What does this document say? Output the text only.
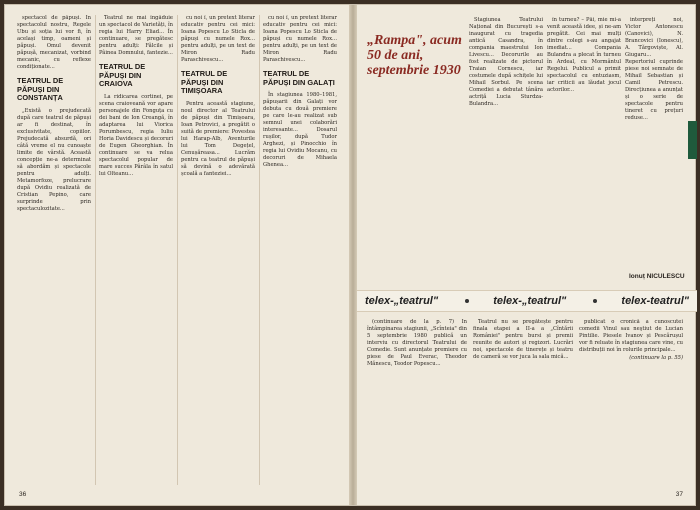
spectacol de păpuși. În spectacolul nostru, Regele Ubu și soția lui vor fi, în același timp, oameni și păpuși. Omul devenit păpușă, mecanizat, vorbind mecanic, cu reflexe condiționate...

TEATRUL DE PĂPUȘI DIN CONSTANȚA

„Există o prejudecată după care teatrul de păpuși ar fi destinat, în exclusivitate, copiilor. Prejudecată absurdă, ori câtă vreme el nu cunoaște limite de vârstă. Această concepție ne-a determinat să abordăm și spectacole pentru adulți. Metamorfoze, prelucrare după Ovidiu realizată de Cristian Pepino, care surprinde prin spectaculozitate...

Teatrul ne mai îngăduie un spectacol de Varietăți, în regia lui Harry Eliad... În continuare, se pregătesc pentru adulți: Fălcile și Pâinea Domnului, fantezie...

TEATRUL DE PĂPUȘI DIN CRAIOVA

La ridicarea cortinei, pe scena craioveană vor apare personajele din Fonguța cu dei bani de Ion Creangă, în adaptarea lui Viorica Porumbescu, regia Iuliu Horia Davidescu și decoruri de Eugen Gheorghian. În continuare se va relua spectacolul popular de mare succes Pârâla în satul lui Olteanu...

cu noi î, un pretext literar educativ pentru cei mici: Ioana Popescu Lo Sticla de păpuși cu numele Rox... pentru adulți, pe un text de Miron Radu Paraschivescu...

TEATRUL DE PĂPUȘI DIN TIMIȘOARA

Pentru această stagiune, noul director al Teatrului de păpuși din Timișoara, Ioan Petrovici, a pregătit o suită de premiere: Povestea lui Harap-Alb, Aventurile lui Tom Degețel, Cenușăreasa... Lucrăm pentru ca teatrul de păpuși să devină o adevărată școală a fanteziei...

cu noi î, un pretext literar educativ pentru cei mici: Ioana Popescu Lo Sticla de păpuși cu numele Rox... pentru adulți, pe un text de Miron Radu Paraschivescu...

TEATRUL DE PĂPUȘI DIN GALAȚI

În stagiunea 1980–1981, păpușarii din Galați vor debuta cu două premiere pe care le-au realizat sub semnul unei colaborări interesante... Dosarul rușilor, după Tudor Arghezi, și Pinocchio în regia lui Ovidiu Mocanu, cu decoruri de Mihaela Ghenea...

36
„Rampa", acum 50 de ani, septembrie 1930

Stagiunea Teatrului Național din București s-a inaugurat cu tragedia antică Casandra, în compania maestrului Ion Livescu... Decorurile au fost realizate de pictorul Traian Cornescu, iar costumele după schițele lui Mihail Sorbul. Pe scena Comediei a debutat tânăra actriță Lucia Sturdza-Bulandra...

în turneu? – Păi, mie mi-a venit această idee, și ne-am pregătit. Cei mai mulți dintre colegi s-au angajat imediat... Compania Bulandra a plecat în turneu în Ardeal, cu Mormântul Regelui. Publicul a primit spectacolul cu entuziasm, iar criticii au lăudat jocul actorilor...

interpreți noi, Victor Antonescu (Canovici), N. Brancovici (Ionescu), A. Tărgoviște, Al. Giugaru... Repertoriul cuprinde piese noi semnate de Mihail Sebastian și Camil Petrescu. Direcțiunea a anunțat și o serie de spectacole pentru tineret cu prețuri reduse...

Ionuț NICULESCU
telex-„teatrul"	telex-„teatrul"	telex-teatrul"

(continuare de la p. 7) În întâmpinarea stagiunii, „Scînteia" din 5 septembrie 1980 publică un interviu cu directorul Teatrului de Comedie. Sunt anunțate premiere cu piese de Paul Everac, Theodor Mănescu, Teodor Popescu...

Teatrul nu se pregătește pentru finala etapei a II-a a „Cîntării României" pentru bursi și premii reunite de autori și regizori. Lucrări noi, spectacole de tinerețe și teatru de cameră se vor juca la sala mică...

publicat o cronică a cunoscutei comedii Vinul sau neştiut de Lucian Pintilie. Piesele Ivanov și Pescărușul vor fi reluate în stagiunea care vine, cu distribuții noi în rolurile principale...

(continuare la p. 55)

37
